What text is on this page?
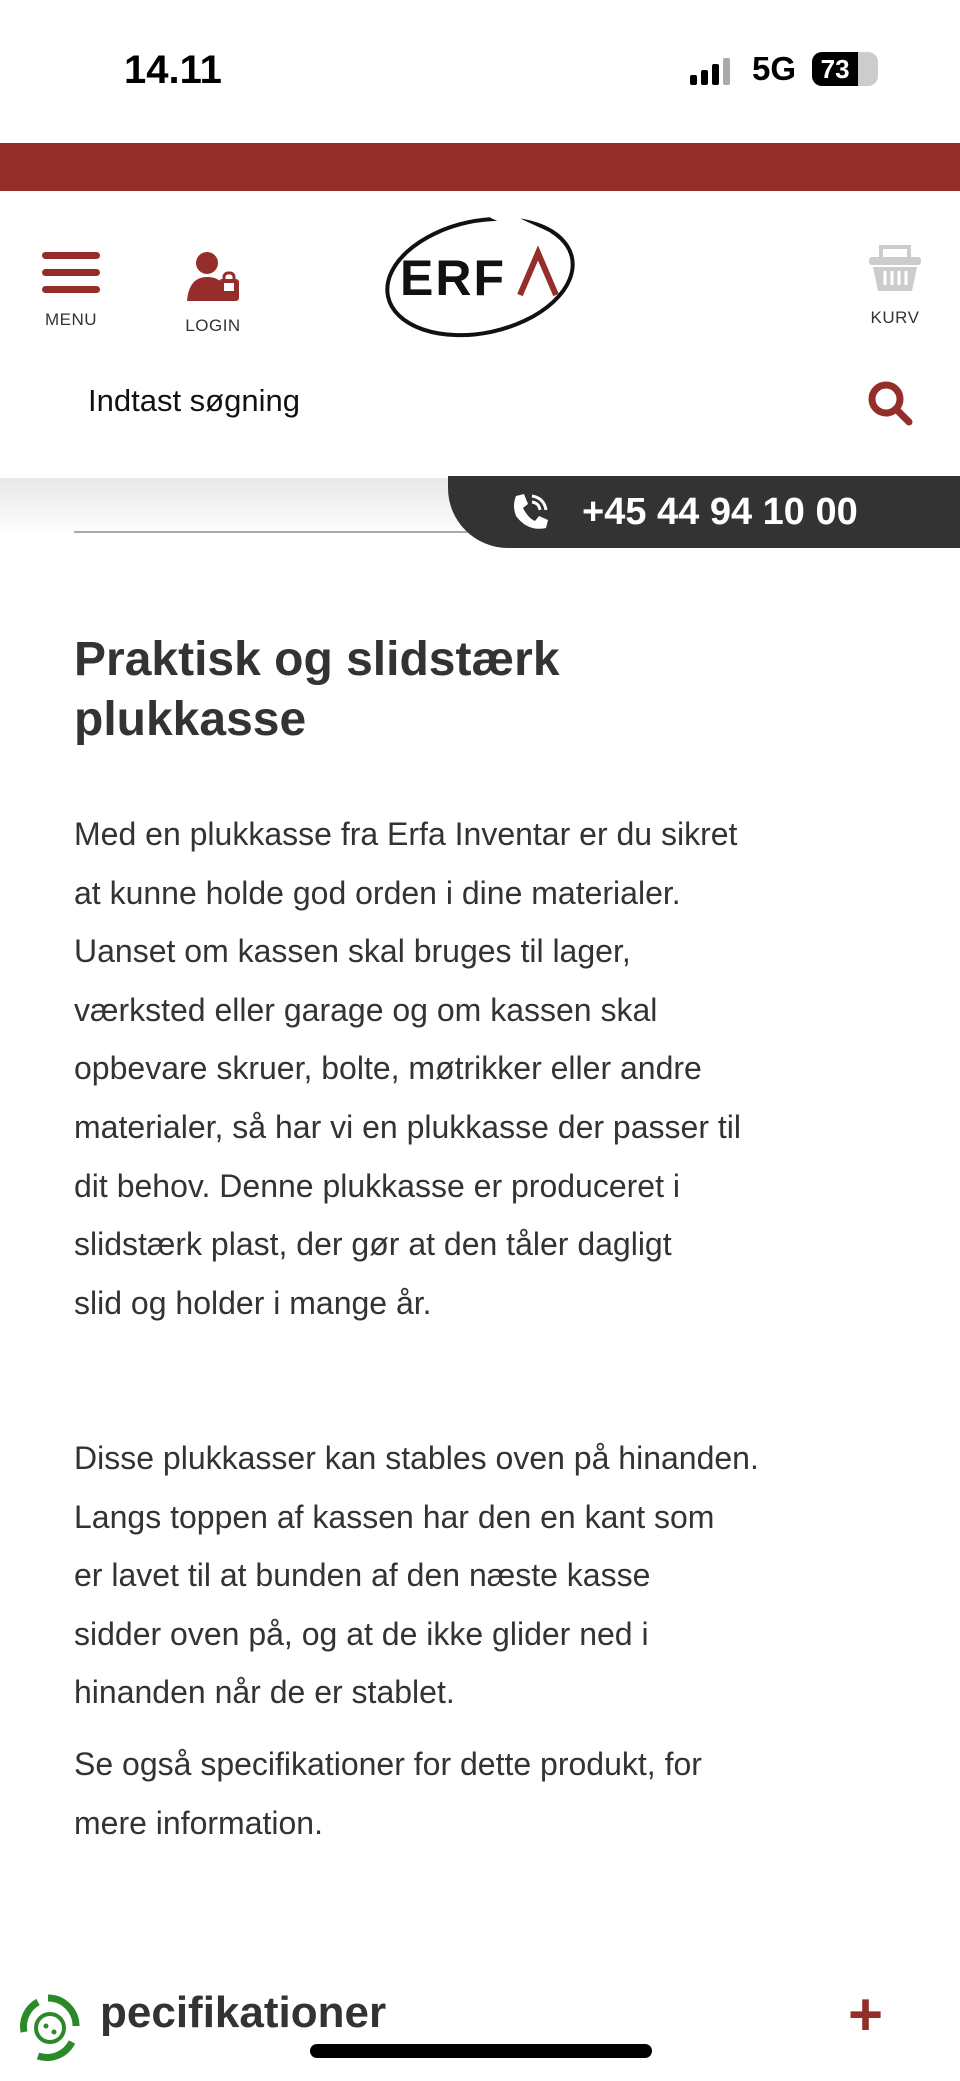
14.11	5G 73
MENU	LOGIN
ERF
KURV
Indtast søgning
+45 44 94 10 00
Praktisk og slidstærk
plukkasse
Med en plukkasse fra Erfa Inventar er du sikret
at kunne holde god orden i dine materialer.
Uanset om kassen skal bruges til lager,
værksted eller garage og om kassen skal
opbevare skruer, bolte, møtrikker eller andre
materialer, så har vi en plukkasse der passer til
dit behov. Denne plukkasse er produceret i
slidstærk plast, der gør at den tåler dagligt
slid og holder i mange år.
Disse plukkasser kan stables oven på hinanden.
Langs toppen af kassen har den en kant som
er lavet til at bunden af den næste kasse
sidder oven på, og at de ikke glider ned i
hinanden når de er stablet.
Se også specifikationer for dette produkt, for
mere information.
pecifikationer	+
